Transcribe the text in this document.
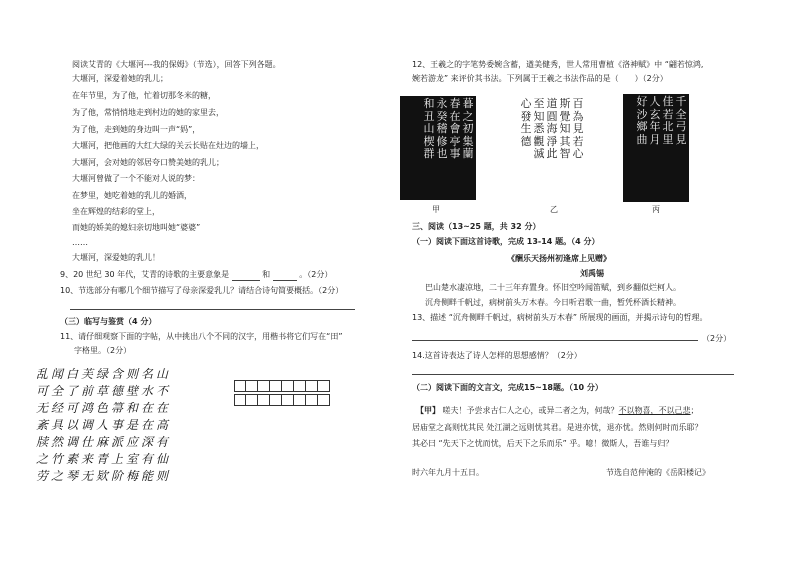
阅读艾青的《大堰河---我的保姆》（节选），回答下列各题。
大堰河，深爱着她的乳儿；
在年节里，为了他，忙着切那冬米的糖，
为了他，常悄悄地走到村边的她的家里去，
为了他，走到她的身边叫一声“妈”，
大堰河，把他画的大红大绿的关云长贴在灶边的墙上，
大堰河，会对她的邻居夸口赞美她的乳儿；
大堰河曾做了一个不能对人说的梦：
在梦里，她吃着她的乳儿的婚酒，
坐在辉煌的结彩的堂上，
而她的娇美的媳妇亲切地叫她“婆婆”
……
大堰河，深爱她的乳儿！
9、20 世纪 30 年代，艾青的诗歌的主要意象是	和	。（2分）
10、节选部分有哪几个细节描写了母亲深爱乳儿？请结合诗句简要概括。（2分）
（三）临写与鉴赏（4 分）
11、请仔细观察下面的字帖，从中挑出八个不同的汉字，用楷书将它们写在“田”
字格里。（2分）
乱 闻 白 芙 绿 含 则 名 山
可 全 了 前 草 德 壁 水 不
无 经 可 鸿 色 箒 和 在 在
紊 具 以 调 人 事 是 在 高
牍 然 调 仕 麻 派 应 深 有
之 竹 素 来 青 上 室 有 仙
劳 之 琴 无 欵 阶 梅 能 则
12、王羲之的字笔势委婉含蓄，遒美健秀，世人常用曹植《洛神赋》中 “翩若惊鸿,
婉若游龙” 来评价其书法。下列属于王羲之书法作品的是（　　）（2分）
暮
之
初
集
蘭
春
在
會
亭
事
永
癸
稽
修
也
和
丑
山
楔
群
百
為
見
若
心
斯
覺
知
其
智
道
圓
海
淨
此
至
知
悉
觀
滅
心
發
生
德
千
全
弓
見
佳
若
北
里
人
玄
年
月
好
沙
鄉
曲
甲	乙	丙
三、阅读（13~25 题，共 32 分）
（一）阅读下面这首诗歌，完成 13-14 题。（4 分）
《酬乐天扬州初逢席上见赠》
刘禹锡
巴山楚水凄凉地，二十三年弃置身。怀旧空吟闻笛赋，到乡翻似烂柯人。
沉舟侧畔千帆过，病树前头万木春。今日听君歌一曲，暂凭杯酒长精神。
13、描述 “沉舟侧畔千帆过，病树前头万木春” 所展现的画面，并揭示诗句的哲理。
（2分）
14.这首诗表达了诗人怎样的思想感情？（2分）
（二）阅读下面的文言文，完成15~18题。（10 分）
【甲】 嗟夫！予尝求古仁人之心，或异二者之为，何哉？不以物喜，不以己悲；
居庙堂之高则忧其民 处江湖之远则忧其君。是进亦忧，退亦忧。然则何时而乐耶？
其必曰 “先天下之忧而忧，后天下之乐而乐” 乎。噫！微斯人，吾谁与归？
时六年九月十五日。	节选自范仲淹的《岳阳楼记》
